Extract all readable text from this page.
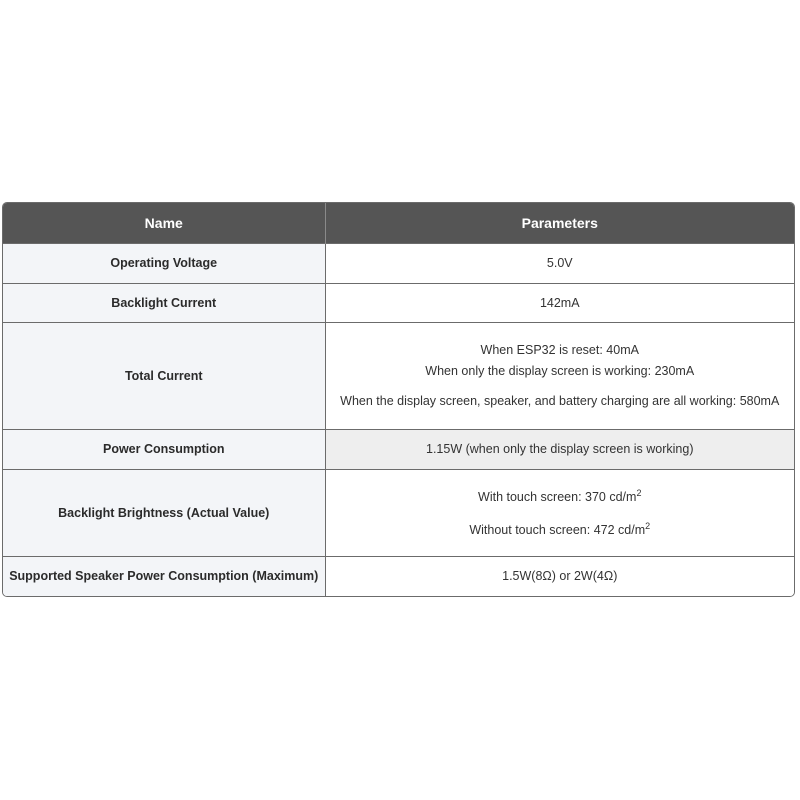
Name	Parameters
Operating Voltage	5.0V
Backlight Current	142mA
Total Current	When ESP32 is reset: 40mA
When only the display screen is working: 230mA
When the display screen, speaker, and battery charging are all working: 580mA

Power Consumption	1.15W (when only the display screen is working)
Backlight Brightness (Actual Value)	With touch screen: 370 $cd/m^2$
Without touch screen: 472 $cd/m^2$

Supported Speaker Power Consumption (Maximum)	1.5W(8Ω) or 2W(4Ω)
